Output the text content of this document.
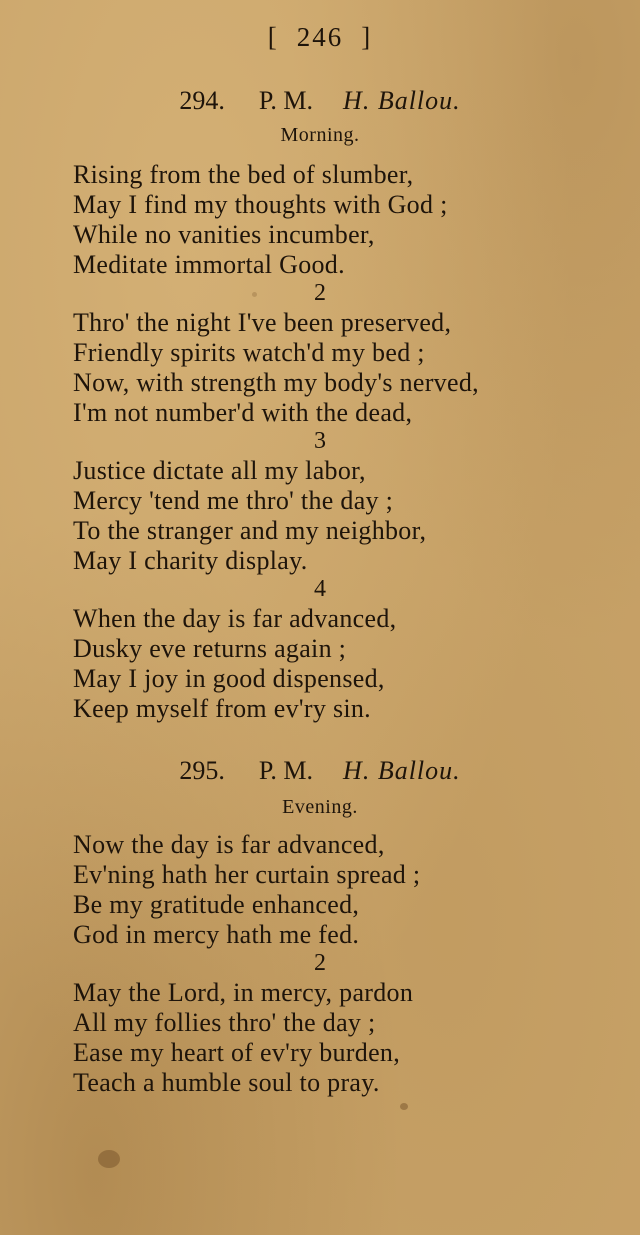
[ 246 ]
294. P. M. H. Ballou.
Morning.
Rising from the bed of slumber,
May I find my thoughts with God ;
While no vanities incumber,
Meditate immortal Good.
2
Thro' the night I've been preserved,
Friendly spirits watch'd my bed ;
Now, with strength my body's nerved,
I'm not number'd with the dead,
3
Justice dictate all my labor,
Mercy 'tend me thro' the day ;
To the stranger and my neighbor,
May I charity display.
4
When the day is far advanced,
Dusky eve returns again ;
May I joy in good dispensed,
Keep myself from ev'ry sin.
295. P. M. H. Ballou.
Evening.
Now the day is far advanced,
Ev'ning hath her curtain spread ;
Be my gratitude enhanced,
God in mercy hath me fed.
2
May the Lord, in mercy, pardon
All my follies thro' the day ;
Ease my heart of ev'ry burden,
Teach a humble soul to pray.
